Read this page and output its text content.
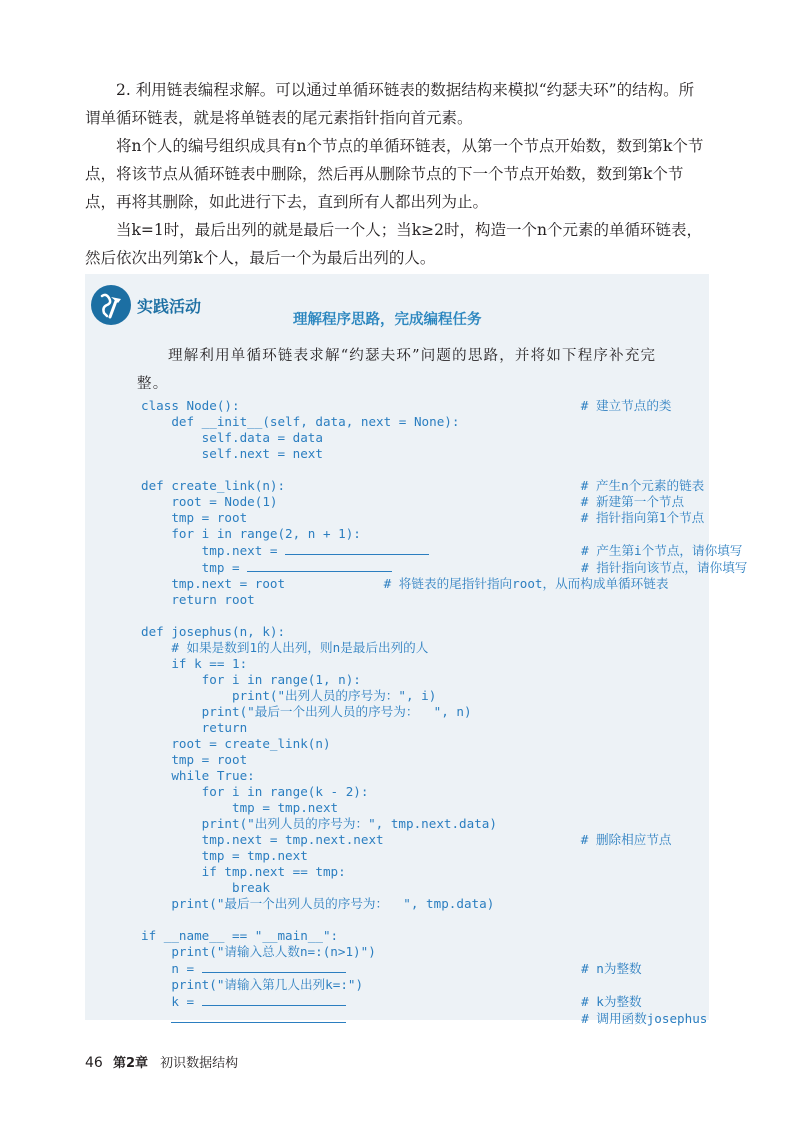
2. 利用链表编程求解。可以通过单循环链表的数据结构来模拟“约瑟夫环”的结构。所谓单循环链表，就是将单链表的尾元素指针指向首元素。

将n个人的编号组织成具有n个节点的单循环链表，从第一个节点开始数，数到第k个节点，将该节点从循环链表中删除，然后再从删除节点的下一个节点开始数，数到第k个节点，再将其删除，如此进行下去，直到所有人都出列为止。

当k=1时，最后出列的就是最后一个人；当k≥2时，构造一个n个元素的单循环链表，然后依次出列第k个人，最后一个为最后出列的人。

实践活动
理解程序思路，完成编程任务
理解利用单循环链表求解“约瑟夫环”问题的思路，并将如下程序补充完整。
class Node():	# 建立节点的类
def __init__(self, data, next = None):
self.data = data
self.next = next

def create_link(n):	# 产生n个元素的链表
root = Node(1)	# 新建第一个节点
tmp = root	# 指针指向第1个节点
for i in range(2, n + 1):
tmp.next =	# 产生第i个节点，请你填写
tmp =	# 指针指向该节点，请你填写
tmp.next = root	# 将链表的尾指针指向root，从而构成单循环链表
return root

def josephus(n, k):
# 如果是数到1的人出列，则n是最后出列的人
if k == 1:
for i in range(1, n):
print("出列人员的序号为：", i)
print("最后一个出列人员的序号为：  ", n)
return
root = create_link(n)
tmp = root
while True:
for i in range(k - 2):
tmp = tmp.next
print("出列人员的序号为：", tmp.next.data)
tmp.next = tmp.next.next	# 删除相应节点
tmp = tmp.next
if tmp.next == tmp:
break
print("最后一个出列人员的序号为：  ", tmp.data)

if __name__ == "__main__":
print("请输入总人数n=:(n>1)")
n =	# n为整数
print("请输入第几人出列k=:")
k =	# k为整数
# 调用函数josephus

46 第2章 初识数据结构
